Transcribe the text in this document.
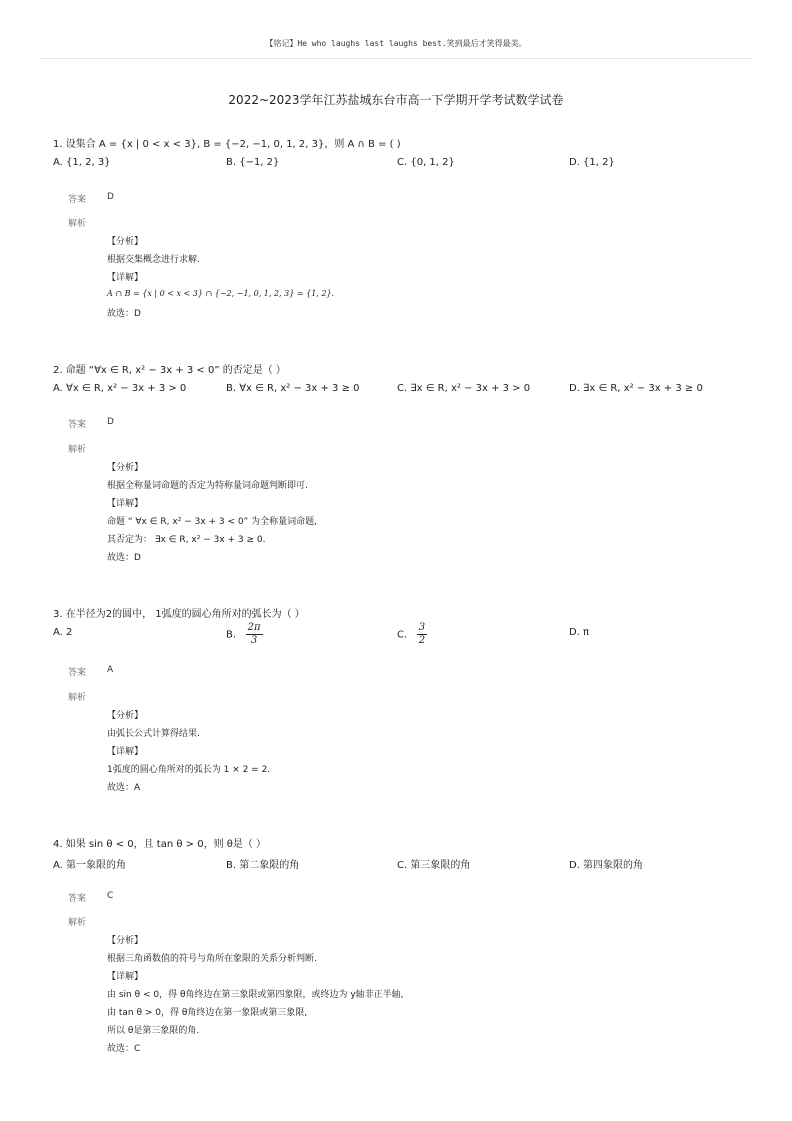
【铭记】He who laughs last laughs best.笑到最后才笑得最美。
2022~2023学年江苏盐城东台市高一下学期开学考试数学试卷
1. 设集合 A = {x | 0 < x < 3}, B = {−2, −1, 0, 1, 2, 3}，则 A ∩ B = ( )
A. {1, 2, 3}	B. {−1, 2}	C. {0, 1, 2}	D. {1, 2}
答案 D
解析
【分析】
根据交集概念进行求解.
【详解】
A ∩ B = {x | 0 < x < 3} ∩ {−2, −1, 0, 1, 2, 3} = {1, 2}.
故选：D
2. 命题 “∀x ∈ R, x² − 3x + 3 < 0” 的否定是（ ）
A. ∀x ∈ R, x² − 3x + 3 > 0	B. ∀x ∈ R, x² − 3x + 3 ≥ 0	C. ∃x ∈ R, x² − 3x + 3 > 0	D. ∃x ∈ R, x² − 3x + 3 ≥ 0
答案 D
解析
【分析】
根据全称量词命题的否定为特称量词命题判断即可.
【详解】
命题 “ ∀x ∈ R, x² − 3x + 3 < 0” 为全称量词命题,
其否定为： ∃x ∈ R, x² − 3x + 3 ≥ 0.
故选：D
3. 在半径为2的圆中， 1弧度的圆心角所对的弧长为（ ）
A. 2	B. $\frac{2\pi}{3}$	C. $\frac{3}{2}$	D. π
答案 A
解析
【分析】
由弧长公式计算得结果.
【详解】
1弧度的圆心角所对的弧长为 1 × 2 = 2.
故选：A
4. 如果 sin θ < 0，且 tan θ > 0，则 θ是（ ）
A. 第一象限的角	B. 第二象限的角	C. 第三象限的角	D. 第四象限的角
答案 C
解析
【分析】
根据三角函数值的符号与角所在象限的关系分析判断.
【详解】
由 sin θ < 0，得 θ角终边在第三象限或第四象限，或终边为 y轴非正半轴,
由 tan θ > 0，得 θ角终边在第一象限或第三象限,
所以 θ是第三象限的角.
故选：C
